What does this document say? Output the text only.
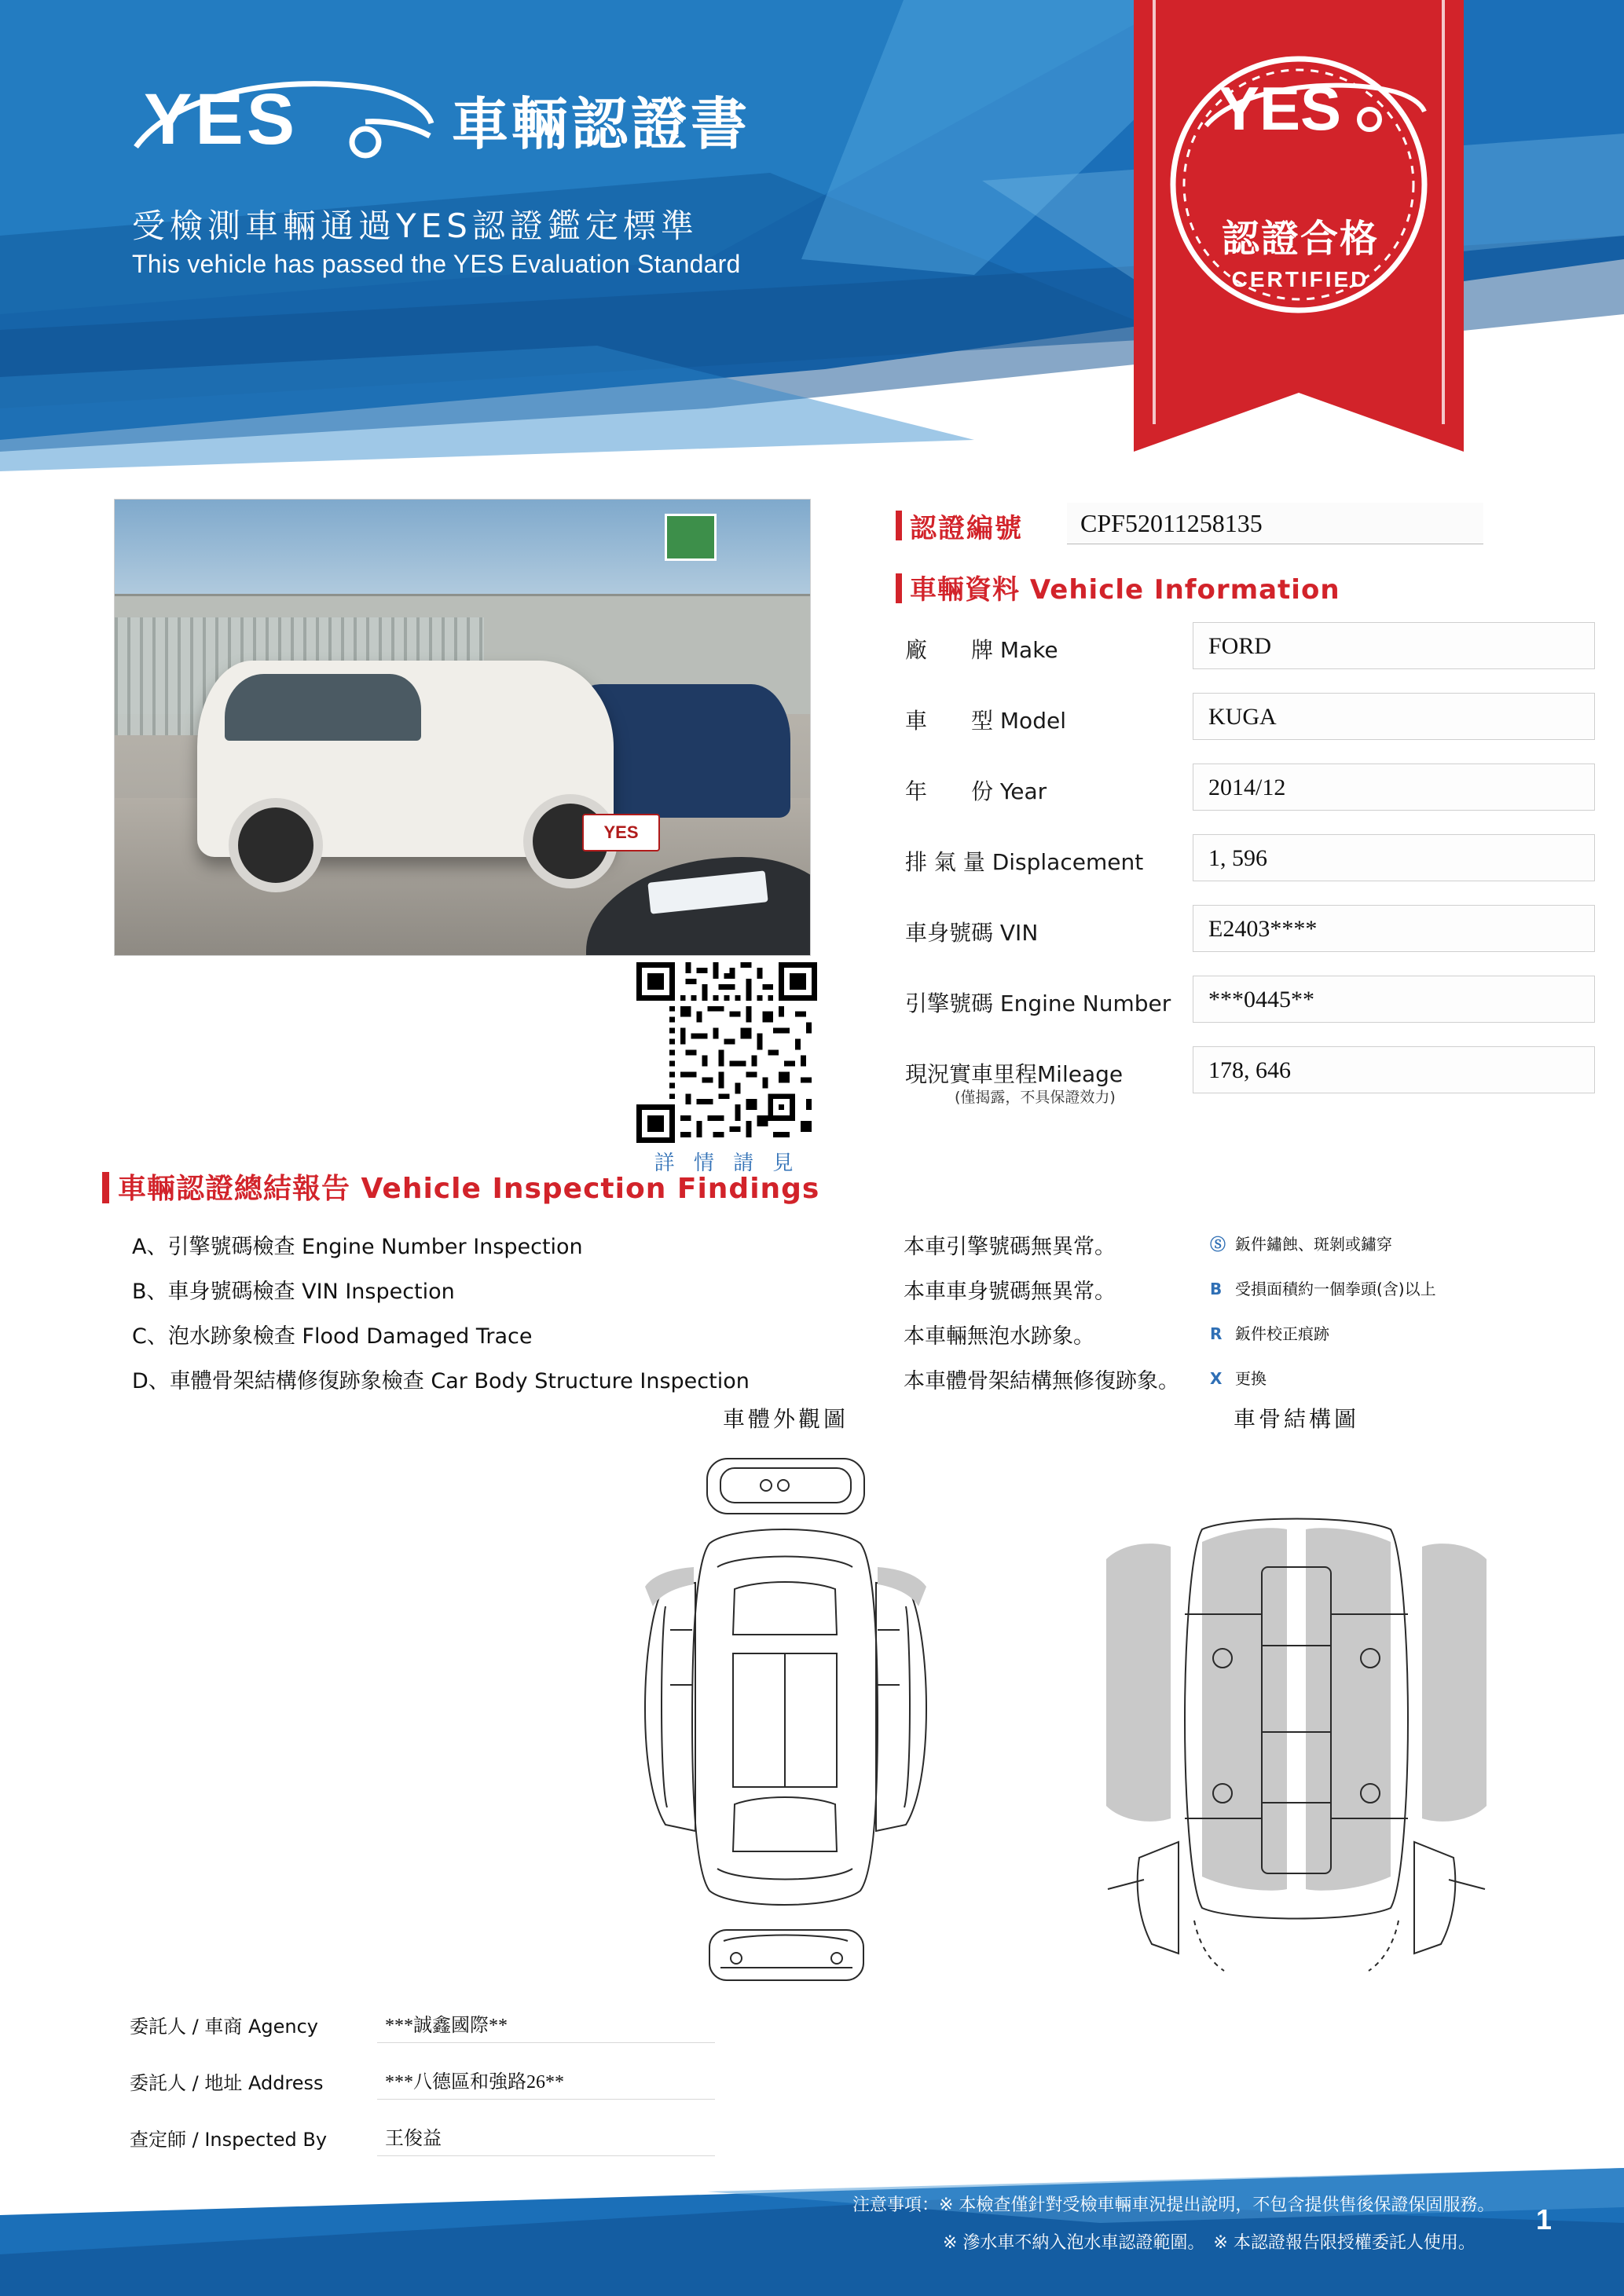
YES	車輛認證書
受檢測車輛通過YES認證鑑定標準
This vehicle has passed the YES Evaluation Standard
YES
認證合格
CERTIFIED
YES
詳 情 請 見
認證編號 CPF52011258135
車輛資料 Vehicle Information
廠　　牌 Make	FORD
車　　型 Model	KUGA
年　　份 Year	2014/12
排 氣 量 Displacement	1, 596
車身號碼 VIN	E2403****
引擎號碼 Engine Number ***0445**
現況實車里程Mileage
(僅揭露，不具保證效力)
178, 646
車輛認證總結報告 Vehicle Inspection Findings
A、引擎號碼檢查 Engine Number Inspection
B、車身號碼檢查 VIN Inspection
C、泡水跡象檢查 Flood Damaged Trace
D、車體骨架結構修復跡象檢查 Car Body Structure Inspection
本車引擎號碼無異常。
本車車身號碼無異常。
本車輛無泡水跡象。
本車體骨架結構無修復跡象。
Ⓢ 鈑件鏽蝕、斑剝或鏽穿
B 受損面積約一個拳頭(含)以上
R 鈑件校正痕跡
X 更換
車體外觀圖	車骨結構圖
委託人 / 車商 Agency	***誠鑫國際**
委託人 / 地址 Address	***八德區和強路26**
查定師 / Inspected By	王俊益
注意事項：※ 本檢查僅針對受檢車輛車況提出說明，不包含提供售後保證保固服務。
※ 滲水車不納入泡水車認證範圍。　※ 本認證報告限授權委託人使用。
1
